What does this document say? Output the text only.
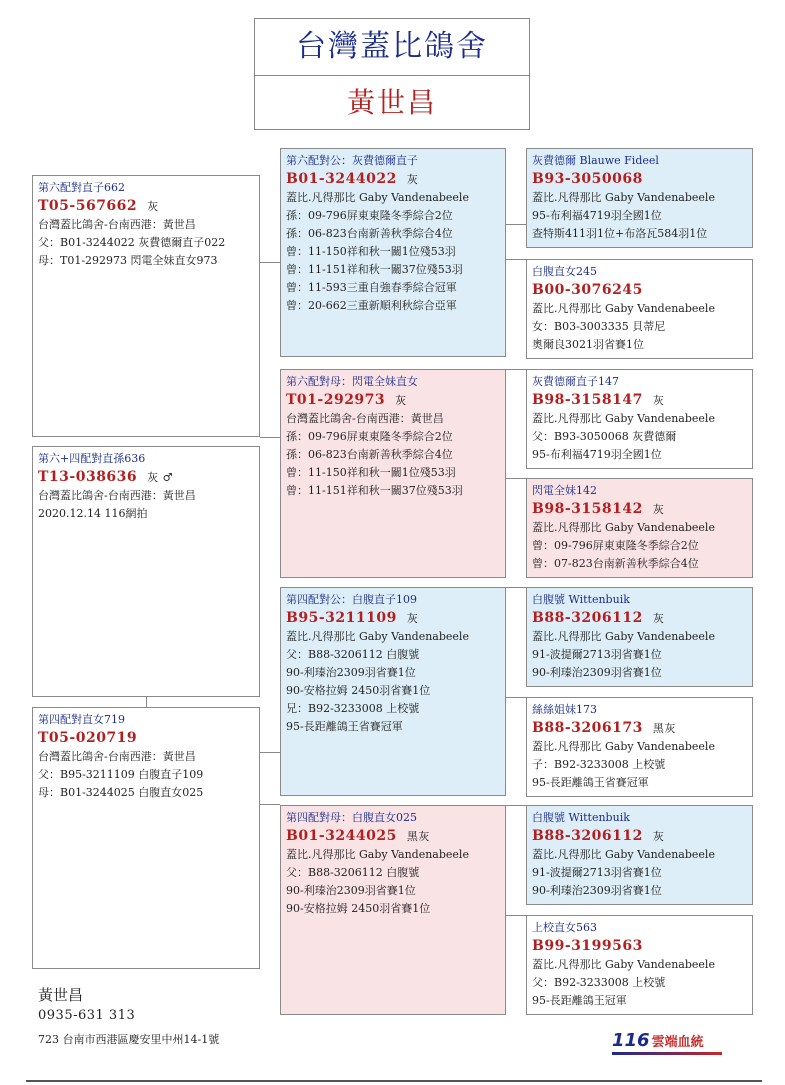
台灣蓋比鴿舍
黃世昌
第六配對直子662
T05-567662 灰
台灣蓋比鴿舍-台南西港：黃世昌
父：B01-3244022 灰費德爾直子022
母：T01-292973 閃電全妹直女973
第六+四配對直孫636
T13-038636 灰 ♂
台灣蓋比鴿舍-台南西港：黃世昌
2020.12.14 116網拍
第四配對直女719
T05-020719
台灣蓋比鴿舍-台南西港：黃世昌
父：B95-3211109 白腹直子109
母：B01-3244025 白腹直女025
第六配對公：灰費德爾直子
B01-3244022 灰
蓋比.凡得那比 Gaby Vandenabeele
孫：09-796屏東東隆冬季綜合2位
孫：06-823台南新善秋季綜合4位
曾：11-150祥和秋一關1位殘53羽
曾：11-151祥和秋一關37位殘53羽
曾：11-593三重自強春季綜合冠軍
曾：20-662三重新順利秋綜合亞軍
第六配對母：閃電全妹直女
T01-292973 灰
台灣蓋比鴿舍-台南西港：黃世昌
孫：09-796屏東東隆冬季綜合2位
孫：06-823台南新善秋季綜合4位
曾：11-150祥和秋一關1位殘53羽
曾：11-151祥和秋一關37位殘53羽
第四配對公：白腹直子109
B95-3211109 灰
蓋比.凡得那比 Gaby Vandenabeele
父：B88-3206112 白腹號
90-利瑧治2309羽省賽1位
90-安格拉姆 2450羽省賽1位
兄：B92-3233008 上校號
95-長距離鴿王省賽冠軍
第四配對母：白腹直女025
B01-3244025 黑灰
蓋比.凡得那比 Gaby Vandenabeele
父：B88-3206112 白腹號
90-利瑧治2309羽省賽1位
90-安格拉姆 2450羽省賽1位
灰費德爾 Blauwe Fideel
B93-3050068
蓋比.凡得那比 Gaby Vandenabeele
95-布利福4719羽全國1位
查特斯411羽1位+布洛瓦584羽1位
白腹直女245
B00-3076245
蓋比.凡得那比 Gaby Vandenabeele
女：B03-3003335 貝蒂尼
奧爾良3021羽省賽1位
灰費德爾直子147
B98-3158147 灰
蓋比.凡得那比 Gaby Vandenabeele
父：B93-3050068 灰費德爾
95-布利福4719羽全國1位
閃電全妹142
B98-3158142 灰
蓋比.凡得那比 Gaby Vandenabeele
曾：09-796屏東東隆冬季綜合2位
曾：07-823台南新善秋季綜合4位
白腹號 Wittenbuik
B88-3206112 灰
蓋比.凡得那比 Gaby Vandenabeele
91-波提爾2713羽省賽1位
90-利瑧治2309羽省賽1位
絲絲姐妹173
B88-3206173 黑灰
蓋比.凡得那比 Gaby Vandenabeele
子：B92-3233008 上校號
95-長距離鴿王省賽冠軍
白腹號 Wittenbuik
B88-3206112 灰
蓋比.凡得那比 Gaby Vandenabeele
91-波提爾2713羽省賽1位
90-利瑧治2309羽省賽1位
上校直女563
B99-3199563
蓋比.凡得那比 Gaby Vandenabeele
父：B92-3233008 上校號
95-長距離鴿王冠軍
黃世昌
0935-631 313
723 台南市西港區慶安里中州14-1號	116 雲端血統
